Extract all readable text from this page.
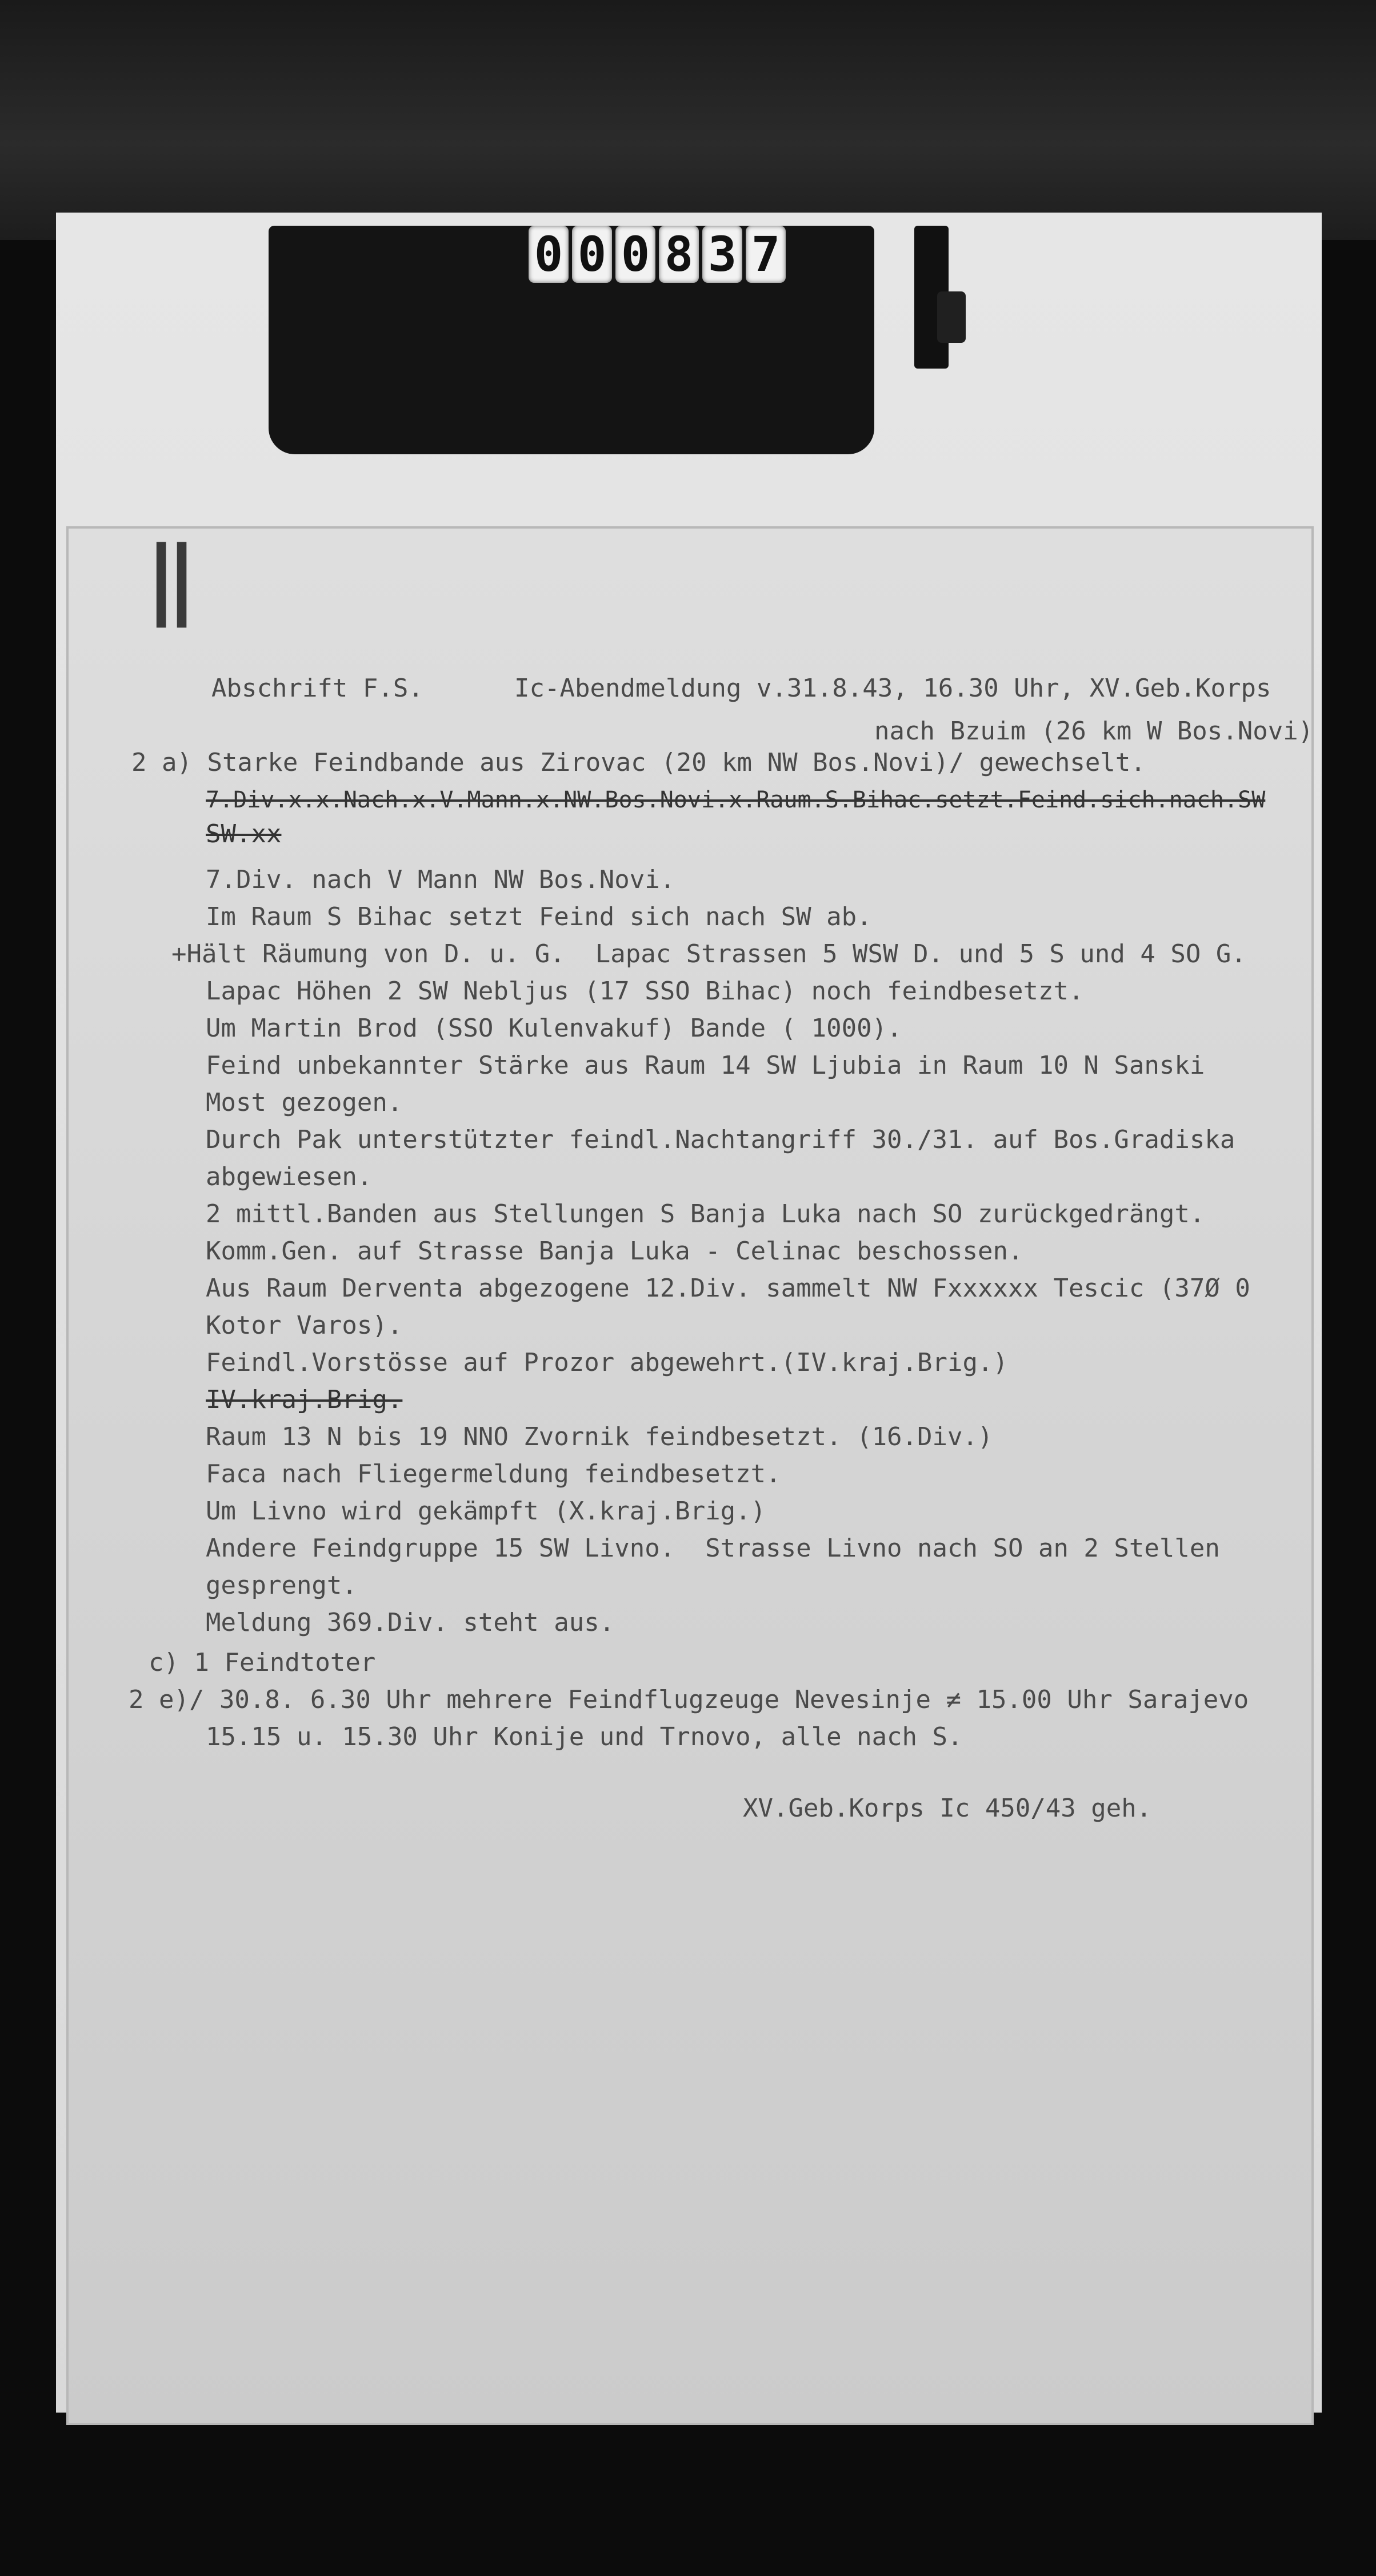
0 0 0 8 3 7
‖

Abschrift F.S.	Ic-Abendmeldung v.31.8.43, 16.30 Uhr, XV.Geb.Korps

nach Bzuim (26 km W Bos.Novi)

2 a) Starke Feindbande aus Zirovac (20 km NW Bos.Novi)/ gewechselt.

7.Div.x.x.Nach.x.V.Mann.x.NW.Bos.Novi.x.Raum.S.Bihac.setzt.Feind.sich.nach.SW

SW.xx

7.Div. nach V Mann NW Bos.Novi.

Im Raum S Bihac setzt Feind sich nach SW ab.

+Hält Räumung von D. u. G.  Lapac Strassen 5 WSW D. und 5 S und 4 SO G.

Lapac Höhen 2 SW Nebljus (17 SSO Bihac) noch feindbesetzt.

Um Martin Brod (SSO Kulenvakuf) Bande ( 1000).

Feind unbekannter Stärke aus Raum 14 SW Ljubia in Raum 10 N Sanski

Most gezogen.

Durch Pak unterstützter feindl.Nachtangriff 30./31. auf Bos.Gradiska

abgewiesen.

2 mittl.Banden aus Stellungen S Banja Luka nach SO zurückgedrängt.

Komm.Gen. auf Strasse Banja Luka - Celinac beschossen.

Aus Raum Derventa abgezogene 12.Div. sammelt NW Fxxxxxx Tescic (37Ø 0

Kotor Varos).

Feindl.Vorstösse auf Prozor abgewehrt.(IV.kraj.Brig.)

IV.kraj.Brig.

Raum 13 N bis 19 NNO Zvornik feindbesetzt. (16.Div.)

Faca nach Fliegermeldung feindbesetzt.

Um Livno wird gekämpft (X.kraj.Brig.)

Andere Feindgruppe 15 SW Livno.  Strasse Livno nach SO an 2 Stellen

gesprengt.

Meldung 369.Div. steht aus.

c) 1 Feindtoter

2 e)/ 30.8. 6.30 Uhr mehrere Feindflugzeuge Nevesinje ≠ 15.00 Uhr Sarajevo

15.15 u. 15.30 Uhr Konije und Trnovo, alle nach S.

XV.Geb.Korps Ic 450/43 geh.
